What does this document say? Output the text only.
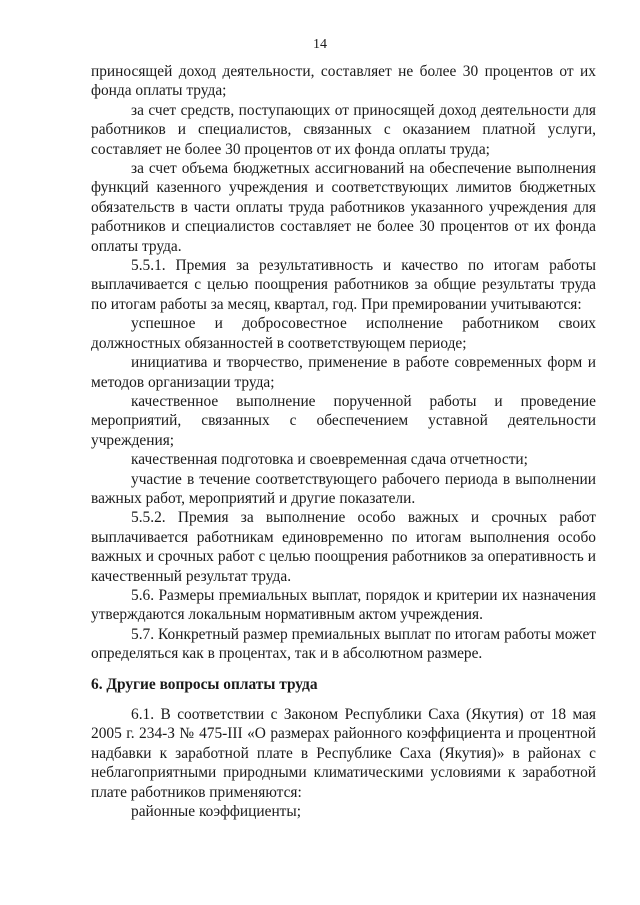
14

приносящей доход деятельности, составляет не более 30 процентов от их фонда оплаты труда;

за счет средств, поступающих от приносящей доход деятельности для работников и специалистов, связанных с оказанием платной услуги, составляет не более 30 процентов от их фонда оплаты труда;

за счет объема бюджетных ассигнований на обеспечение выполнения функций казенного учреждения и соответствующих лимитов бюджетных обязательств в части оплаты труда работников указанного учреждения для работников и специалистов составляет не более 30 процентов от их фонда оплаты труда.

5.5.1. Премия за результативность и качество по итогам работы выплачивается с целью поощрения работников за общие результаты труда по итогам работы за месяц, квартал, год. При премировании учитываются:

успешное и добросовестное исполнение работником своих должностных обязанностей в соответствующем периоде;

инициатива и творчество, применение в работе современных форм и методов организации труда;

качественное выполнение порученной работы и проведение мероприятий, связанных с обеспечением уставной деятельности учреждения;

качественная подготовка и своевременная сдача отчетности;

участие в течение соответствующего рабочего периода в выполнении важных работ, мероприятий и другие показатели.

5.5.2. Премия за выполнение особо важных и срочных работ выплачивается работникам единовременно по итогам выполнения особо важных и срочных работ с целью поощрения работников за оперативность и качественный результат труда.

5.6. Размеры премиальных выплат, порядок и критерии их назначения утверждаются локальным нормативным актом учреждения.

5.7. Конкретный размер премиальных выплат по итогам работы может определяться как в процентах, так и в абсолютном размере.

6. Другие вопросы оплаты труда

6.1. В соответствии с Законом Республики Саха (Якутия) от 18 мая 2005 г. 234-З № 475-III «О размерах районного коэффициента и процентной надбавки к заработной плате в Республике Саха (Якутия)» в районах с неблагоприятными природными климатическими условиями к заработной плате работников применяются:

районные коэффициенты;
